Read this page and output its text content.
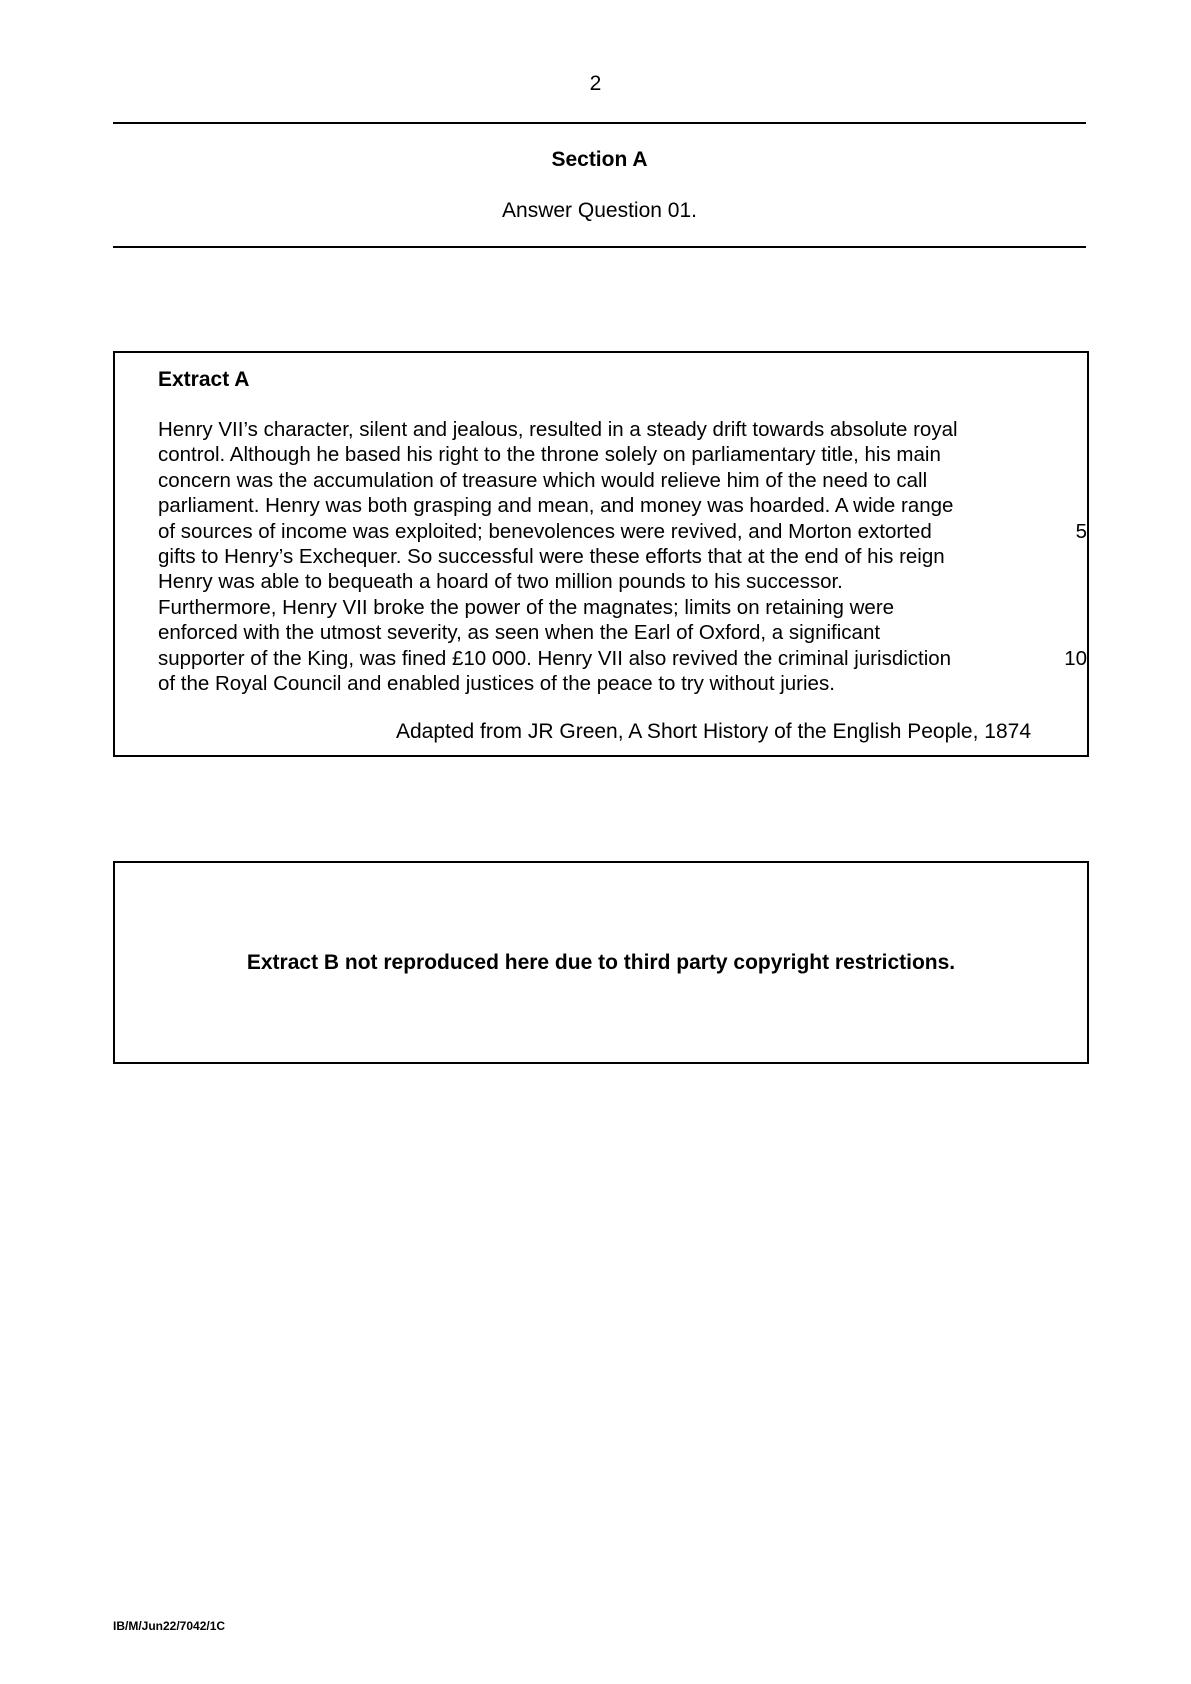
2
Section A
Answer Question 01.
Extract A
Henry VII’s character, silent and jealous, resulted in a steady drift towards absolute royal
control. Although he based his right to the throne solely on parliamentary title, his main
concern was the accumulation of treasure which would relieve him of the need to call
parliament. Henry was both grasping and mean, and money was hoarded. A wide range
of sources of income was exploited; benevolences were revived, and Morton extorted	5
gifts to Henry’s Exchequer. So successful were these efforts that at the end of his reign
Henry was able to bequeath a hoard of two million pounds to his successor.
Furthermore, Henry VII broke the power of the magnates; limits on retaining were
enforced with the utmost severity, as seen when the Earl of Oxford, a significant
supporter of the King, was fined £10 000. Henry VII also revived the criminal jurisdiction	10
of the Royal Council and enabled justices of the peace to try without juries.
Adapted from JR Green, A Short History of the English People, 1874
Extract B not reproduced here due to third party copyright restrictions.
IB/M/Jun22/7042/1C
